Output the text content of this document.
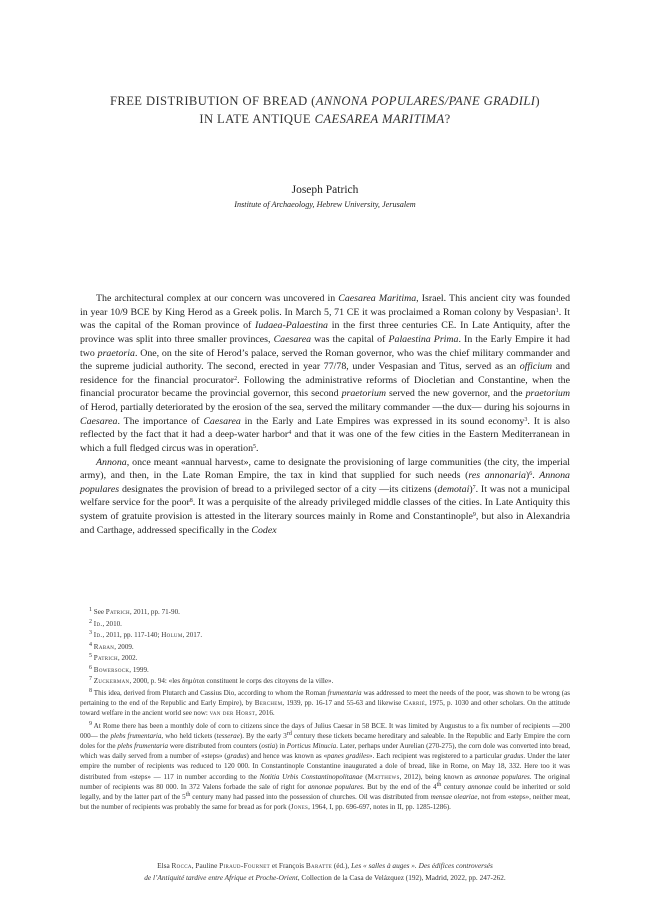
FREE DISTRIBUTION OF BREAD (ANNONA POPULARES/PANE GRADILI)
IN LATE ANTIQUE CAESAREA MARITIMA?
Joseph Patrich
Institute of Archaeology, Hebrew University, Jerusalem

The architectural complex at our concern was uncovered in Caesarea Maritima, Israel. This ancient city was founded in year 10/9 BCE by King Herod as a Greek polis. In March 5, 71 CE it was proclaimed a Roman colony by Vespasian$^1$. It was the capital of the Roman province of Iudaea-Palaestina in the first three centuries CE. In Late Antiquity, after the province was split into three smaller provinces, Caesarea was the capital of Palaestina Prima. In the Early Empire it had two praetoria. One, on the site of Herod’s palace, served the Roman governor, who was the chief military commander and the supreme judicial authority. The second, erected in year 77/78, under Vespasian and Titus, served as an officium and residence for the financial procurator$^2$. Following the administrative reforms of Diocletian and Constantine, when the financial procurator became the provincial governor, this second praetorium served the new governor, and the praetorium of Herod, partially deteriorated by the erosion of the sea, served the military commander —the dux— during his sojourns in Caesarea. The importance of Caesarea in the Early and Late Empires was expressed in its sound economy$^3$. It is also reflected by the fact that it had a deep-water harbor$^4$ and that it was one of the few cities in the Eastern Mediterranean in which a full fledged circus was in operation$^5$.

Annona, once meant «annual harvest», came to designate the provisioning of large communities (the city, the imperial army), and then, in the Late Roman Empire, the tax in kind that supplied for such needs (res annonaria)$^6$. Annona populares designates the provision of bread to a privileged sector of a city —its citizens (demotai)$^7$. It was not a municipal welfare service for the poor$^8$. It was a perquisite of the already privileged middle classes of the cities. In Late Antiquity this system of gratuite provision is attested in the literary sources mainly in Rome and Constantinople$^9$, but also in Alexandria and Carthage, addressed specifically in the Codex

$^1$ See Patrich, 2011, pp. 71-90.
$^2$ Id., 2010.
$^3$ Id., 2011, pp. 117-140; Holum, 2017.
$^4$ Raban, 2009.
$^5$ Patrich, 2002.
$^6$ Bowersock, 1999.
$^7$ Zuckerman, 2000, p. 94: «les δημόται constituent le corps des citoyens de la ville».
$^8$ This idea, derived from Plutarch and Cassius Dio, according to whom the Roman frumentaria was addressed to meet the needs of the poor, was shown to be wrong (as pertaining to the end of the Republic and Early Empire), by Berchem, 1939, pp. 16-17 and 55-63 and likewise Carrié, 1975, p. 1030 and other scholars. On the attitude toward welfare in the ancient world see now: van der Horst, 2016.
$^9$ At Rome there has been a monthly dole of corn to citizens since the days of Julius Caesar in 58 BCE. It was limited by Augustus to a fix number of recipients —200 000— the plebs frumentaria, who held tickets (tesserae). By the early 3rd century these tickets became hereditary and saleable. In the Republic and Early Empire the corn doles for the plebs frumentaria were distributed from counters (ostia) in Porticus Minucia. Later, perhaps under Aurelian (270-275), the corn dole was converted into bread, which was daily served from a number of «steps» (gradus) and hence was known as «panes gradiles». Each recipient was registered to a particular gradus. Under the later empire the number of recipients was reduced to 120 000. In Constantinople Constantine inaugurated a dole of bread, like in Rome, on May 18, 332. Here too it was distributed from «steps» — 117 in number according to the Notitia Urbis Constantinopolitanae (Matthews, 2012), being known as annonae populares. The original number of recipients was 80 000. In 372 Valens forbade the sale of right for annonae populares. But by the end of the 4th century annonae could be inherited or sold legally, and by the latter part of the 5th century many had passed into the possession of churches. Oil was distributed from mensae oleariae, not from «steps», neither meat, but the number of recipients was probably the same for bread as for pork (Jones, 1964, I, pp. 696-697, notes in II, pp. 1285-1286).
Elsa Rocca, Pauline Piraud-Fournet et François Baratte (éd.), Les « salles à auges ». Des édifices controversés
de l’Antiquité tardive entre Afrique et Proche-Orient, Collection de la Casa de Velázquez (192), Madrid, 2022, pp. 247-262.
